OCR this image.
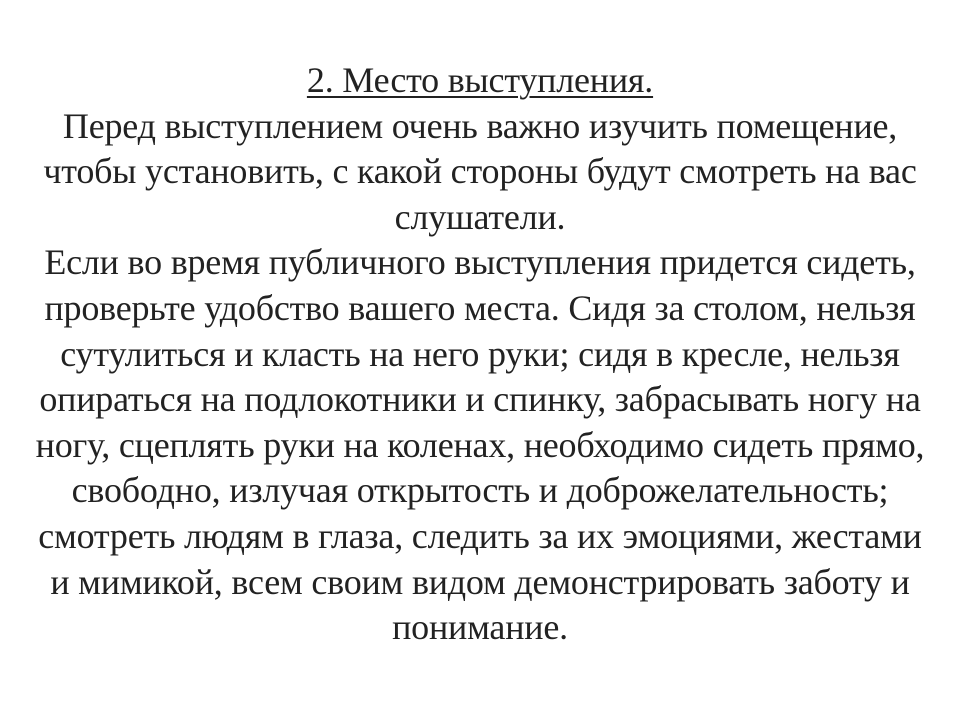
2. Место выступления.

Перед выступлением очень важно изучить помещение, чтобы установить, с какой стороны будут смотреть на вас слушатели.

Если во время публичного выступления придется сидеть, проверьте удобство вашего места. Сидя за столом, нельзя сутулиться и класть на него руки; сидя в кресле, нельзя опираться на подлокотники и спинку, забрасывать ногу на ногу, сцеплять руки на коленах, необходимо сидеть прямо, свободно, излучая открытость и доброжелательность; смотреть людям в глаза, следить за их эмоциями, жестами и мимикой, всем своим видом демонстрировать заботу и понимание.
